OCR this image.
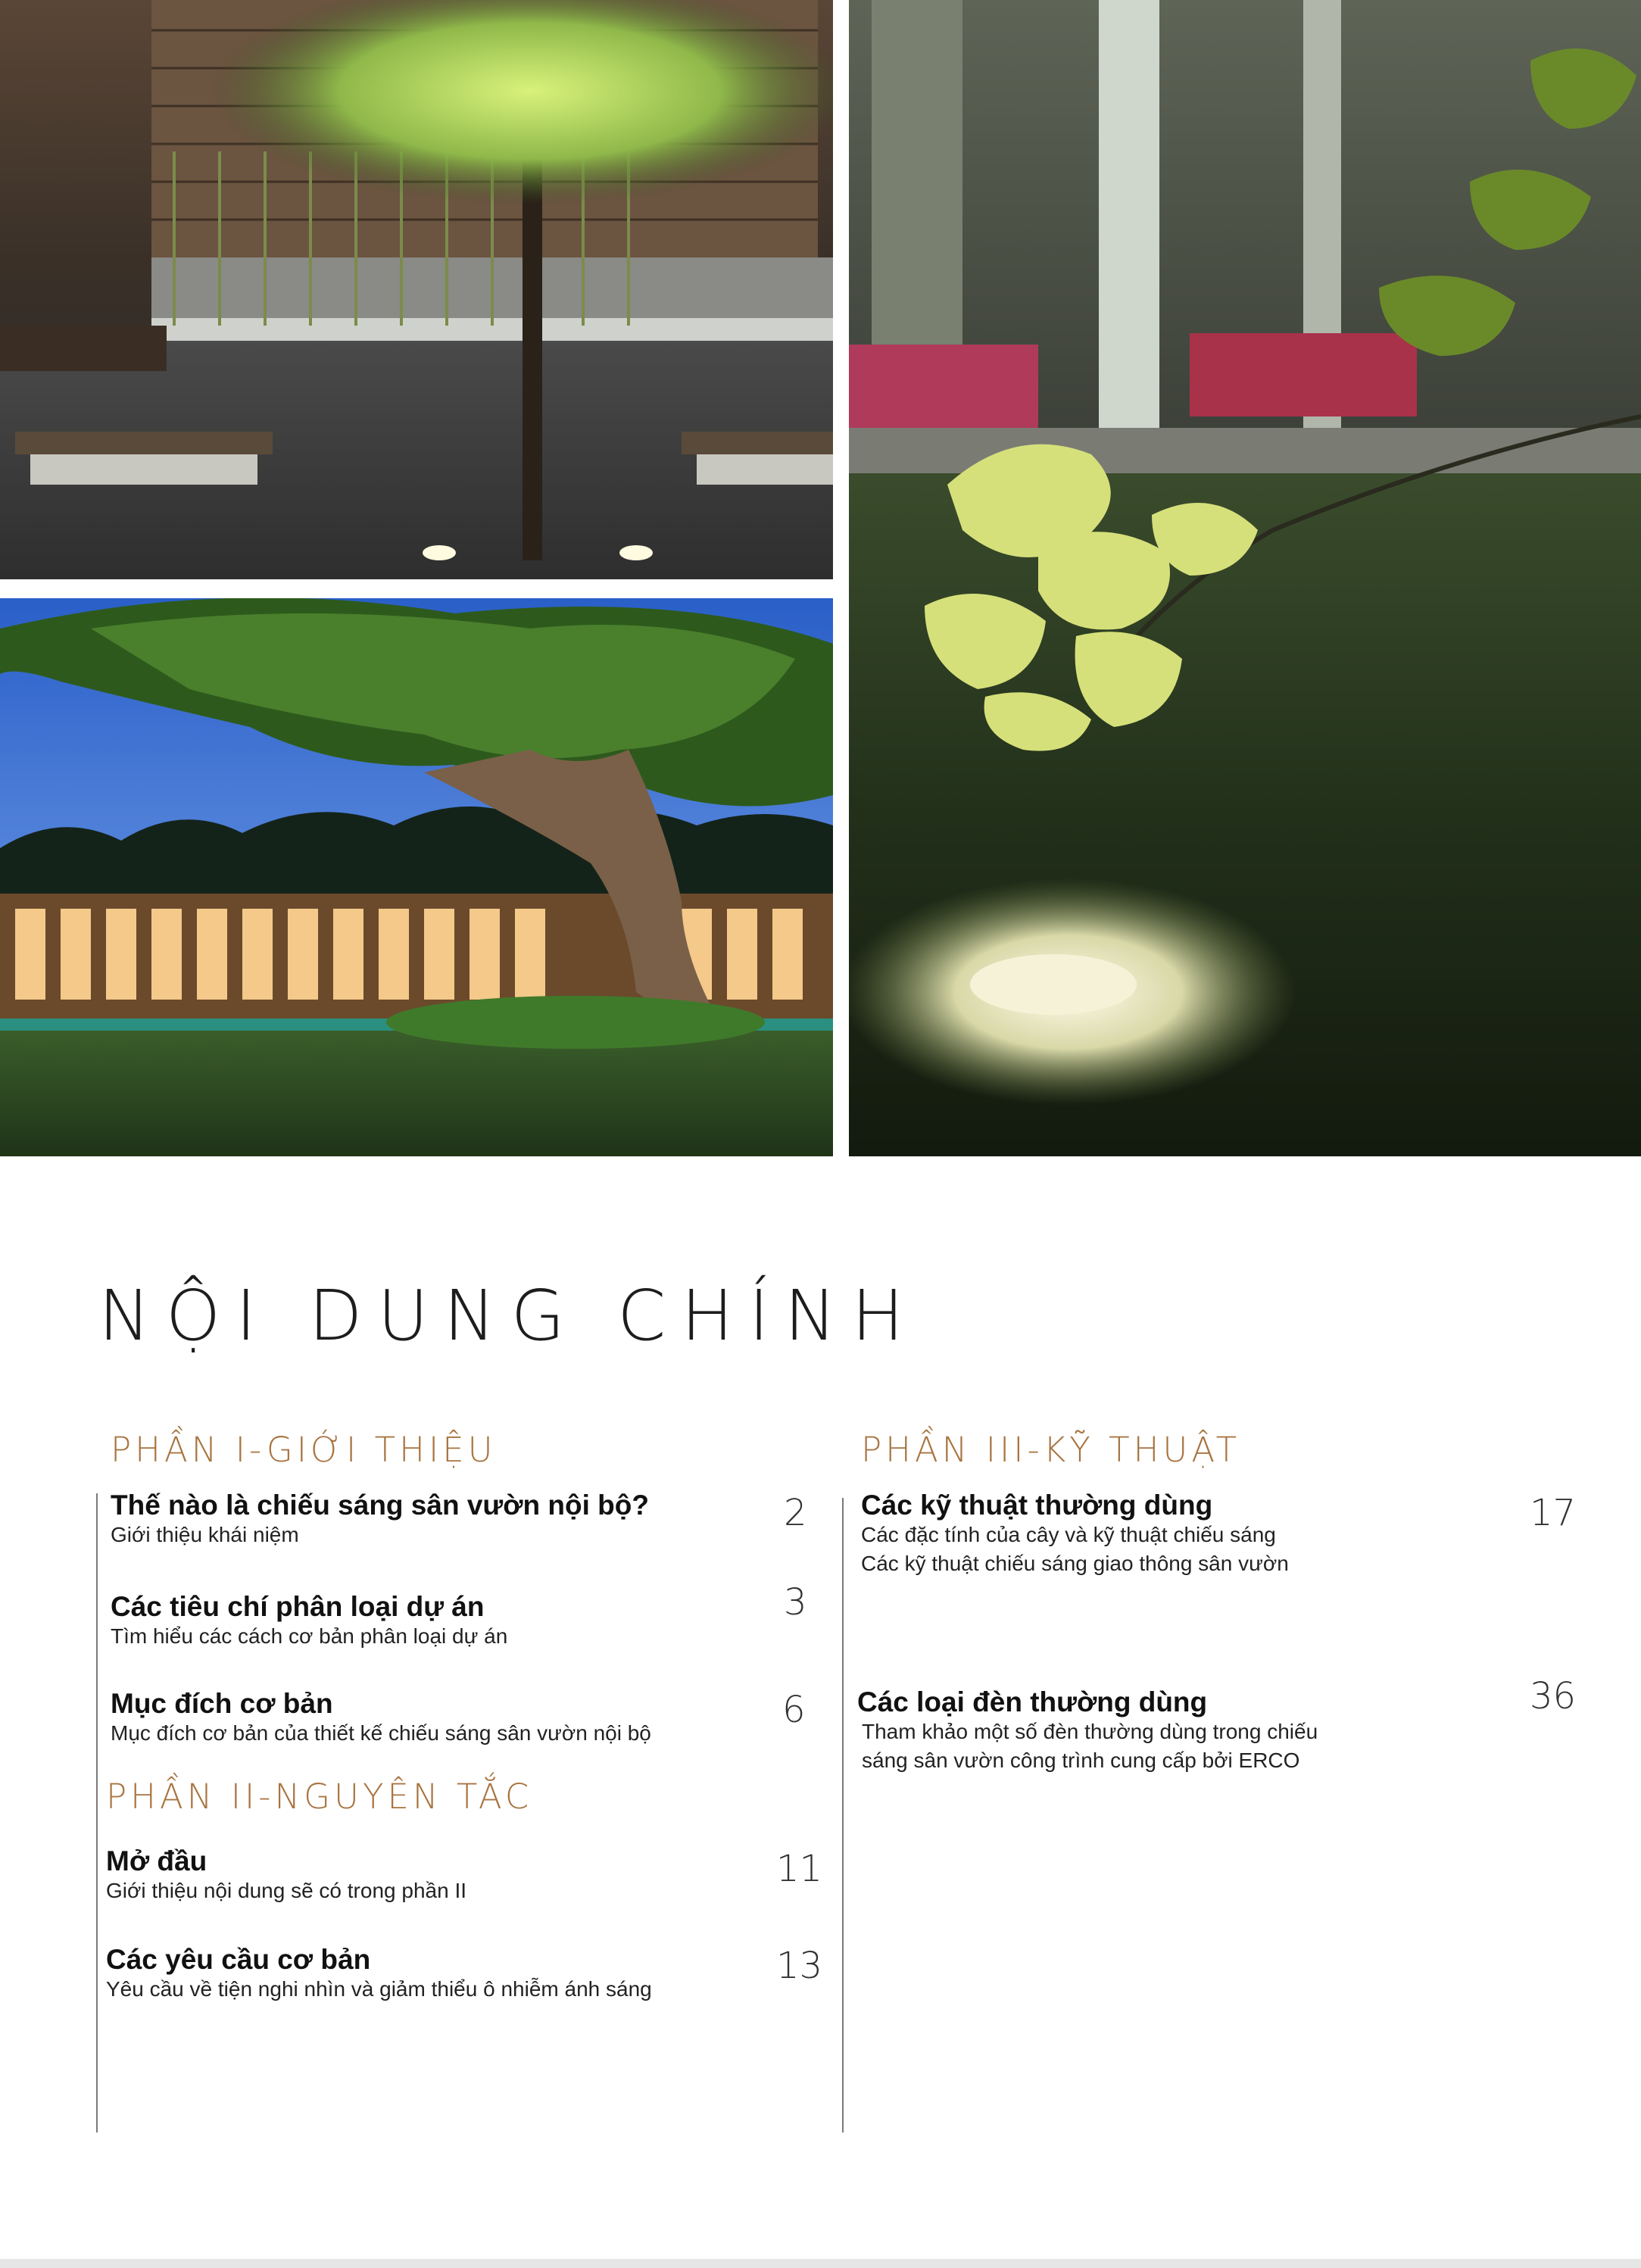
NỘI DUNG CHÍNH
PHẦN I-GIỚI THIỆU
Thế nào là chiếu sáng sân vườn nội bộ?
Giới thiệu khái niệm
2
Các tiêu chí phân loại dự án
Tìm hiểu các cách cơ bản phân loại dự án
3
Mục đích cơ bản
Mục đích cơ bản của thiết kế chiếu sáng sân vườn nội bộ
6
PHẦN II-NGUYÊN TẮC
Mở đầu
Giới thiệu nội dung sẽ có trong phần II
11
Các yêu cầu cơ bản
Yêu cầu về tiện nghi nhìn và giảm thiểu ô nhiễm ánh sáng
13
PHẦN III-KỸ THUẬT
Các kỹ thuật thường dùng
Các đặc tính của cây và kỹ thuật chiếu sáng
Các kỹ thuật chiếu sáng giao thông sân vườn
17
Các loại đèn thường dùng
Tham khảo một số đèn thường dùng trong chiếu
sáng sân vườn công trình cung cấp bởi ERCO
36
